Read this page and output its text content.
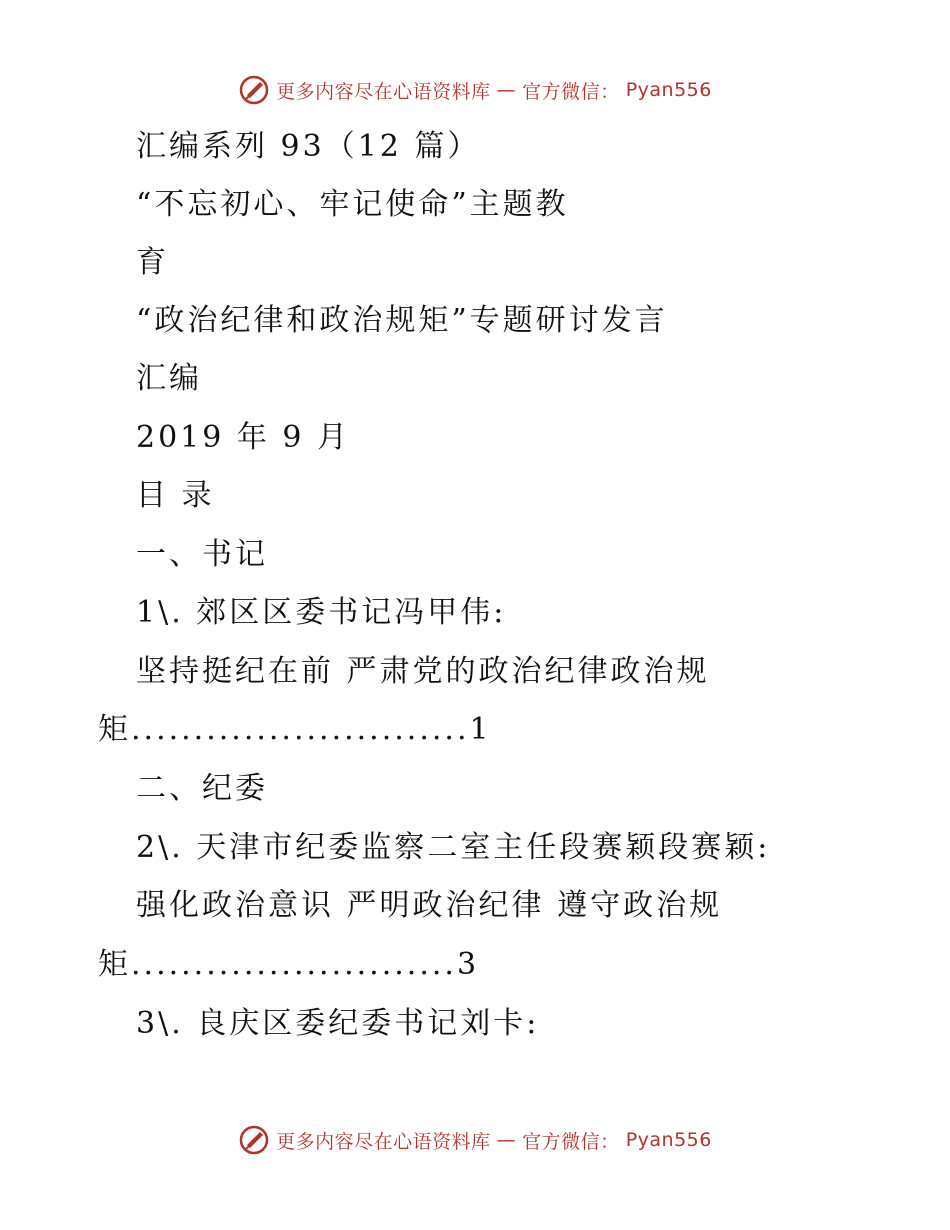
更多内容尽在心语资料库 — 官方微信： Pyan556
汇编系列 93（12 篇）
“不忘初心、牢记使命”主题教
育
“政治纪律和政治规矩”专题研讨发言
汇编
2019 年 9 月
目 录
一、书记
1\. 郊区区委书记冯甲伟:
坚持挺纪在前 严肃党的政治纪律政治规
矩...........................1
二、纪委
2\. 天津市纪委监察二室主任段赛颖段赛颖:
强化政治意识 严明政治纪律 遵守政治规
矩..........................3
3\. 良庆区委纪委书记刘卡:
更多内容尽在心语资料库 — 官方微信： Pyan556
